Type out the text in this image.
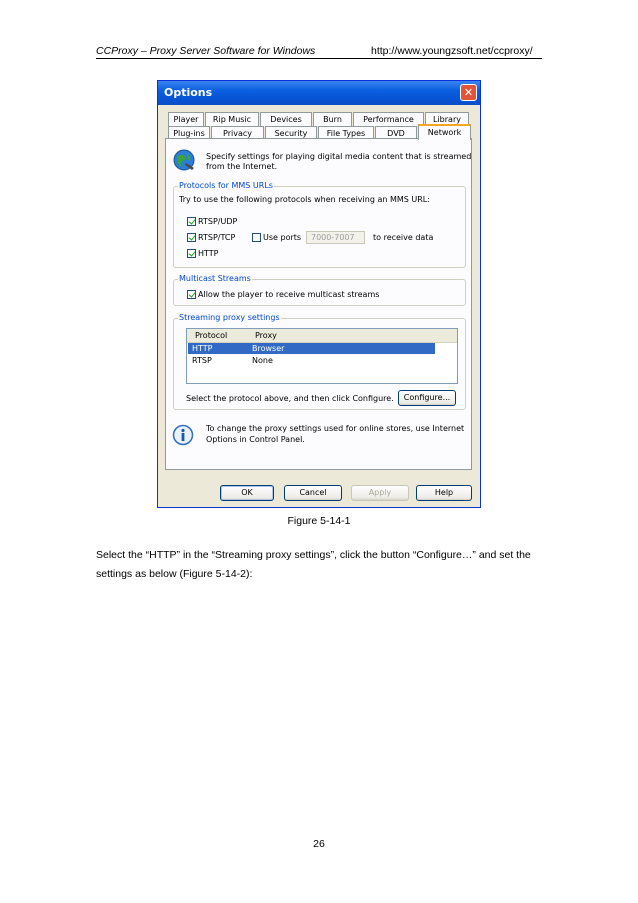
CCProxy – Proxy Server Software for Windows	http://www.youngzsoft.net/ccproxy/
Options	✕
Player	Rip Music	Devices	Burn	Performance	Library
Plug-ins	Privacy	Security	File Types	DVD	Network
Specify settings for playing digital media content that is streamed
from the Internet.
Protocols for MMS URLs
Try to use the following protocols when receiving an MMS URL:
RTSP/UDP
RTSP/TCP	Use ports	7000-7007	to receive data
HTTP
Multicast Streams
Allow the player to receive multicast streams
Streaming proxy settings
Protocol	Proxy
HTTP	Browser
RTSP	None
Select the protocol above, and then click Configure.	Configure...
To change the proxy settings used for online stores, use Internet
Options in Control Panel.
OK	Cancel	Apply	Help
Figure 5-14-1
Select the “HTTP” in the “Streaming proxy settings”, click the button “Configure…” and set the settings as below (Figure 5-14-2):
26
